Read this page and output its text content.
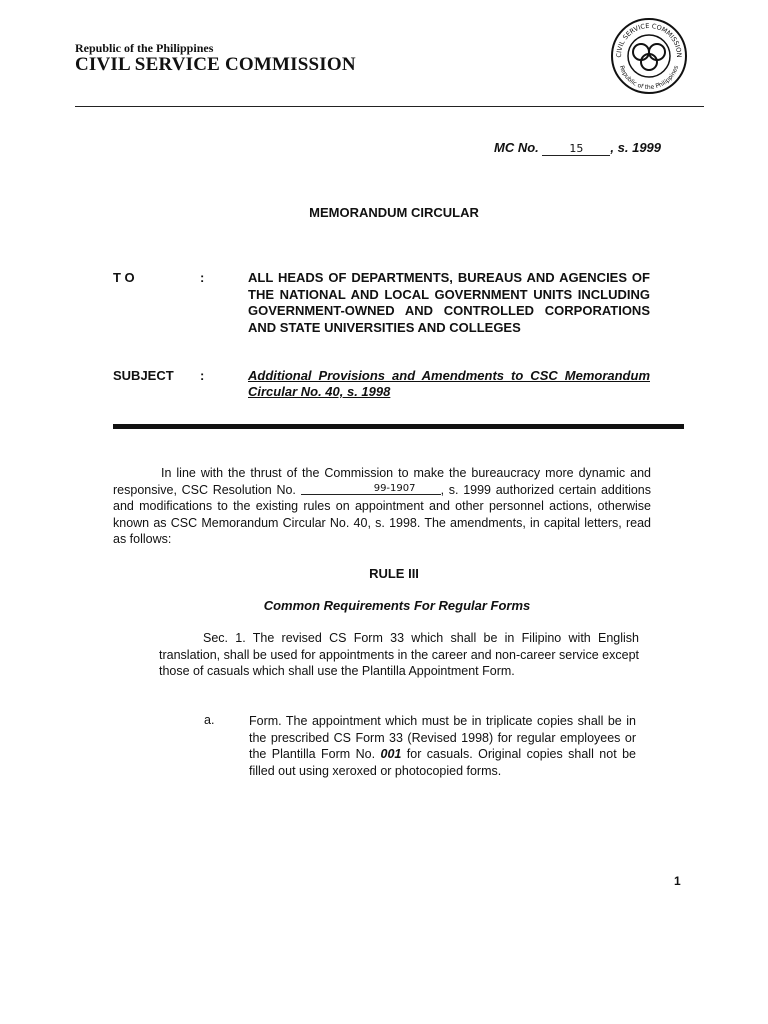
Republic of the Philippines
CIVIL SERVICE COMMISSION	CIVIL SERVICE COMMISSION
Republic of the Philippines
MC No.	15 , s. 1999
MEMORANDUM CIRCULAR
T O	:	ALL HEADS OF DEPARTMENTS, BUREAUS AND AGENCIES OF THE NATIONAL AND LOCAL GOVERNMENT UNITS INCLUDING GOVERNMENT-OWNED AND CONTROLLED CORPORATIONS AND STATE UNIVERSITIES AND COLLEGES
SUBJECT :	Additional Provisions and Amendments to CSC Memorandum Circular No. 40, s. 1998
In line with the thrust of the Commission to make the bureaucracy more dynamic and responsive, CSC Resolution No.	99-1907 , s. 1999 authorized certain additions and modifications to the existing rules on appointment and other personnel actions, otherwise known as CSC Memorandum Circular No. 40, s. 1998. The amendments, in capital letters, read as follows:
RULE III
Common Requirements For Regular Forms
Sec. 1. The revised CS Form 33 which shall be in Filipino with English translation, shall be used for appointments in the career and non-career service except those of casuals which shall use the Plantilla Appointment Form.
a.	Form. The appointment which must be in triplicate copies shall be in the prescribed CS Form 33 (Revised 1998) for regular employees or the Plantilla Form No. 001 for casuals. Original copies shall not be filled out using xeroxed or photocopied forms.
1
